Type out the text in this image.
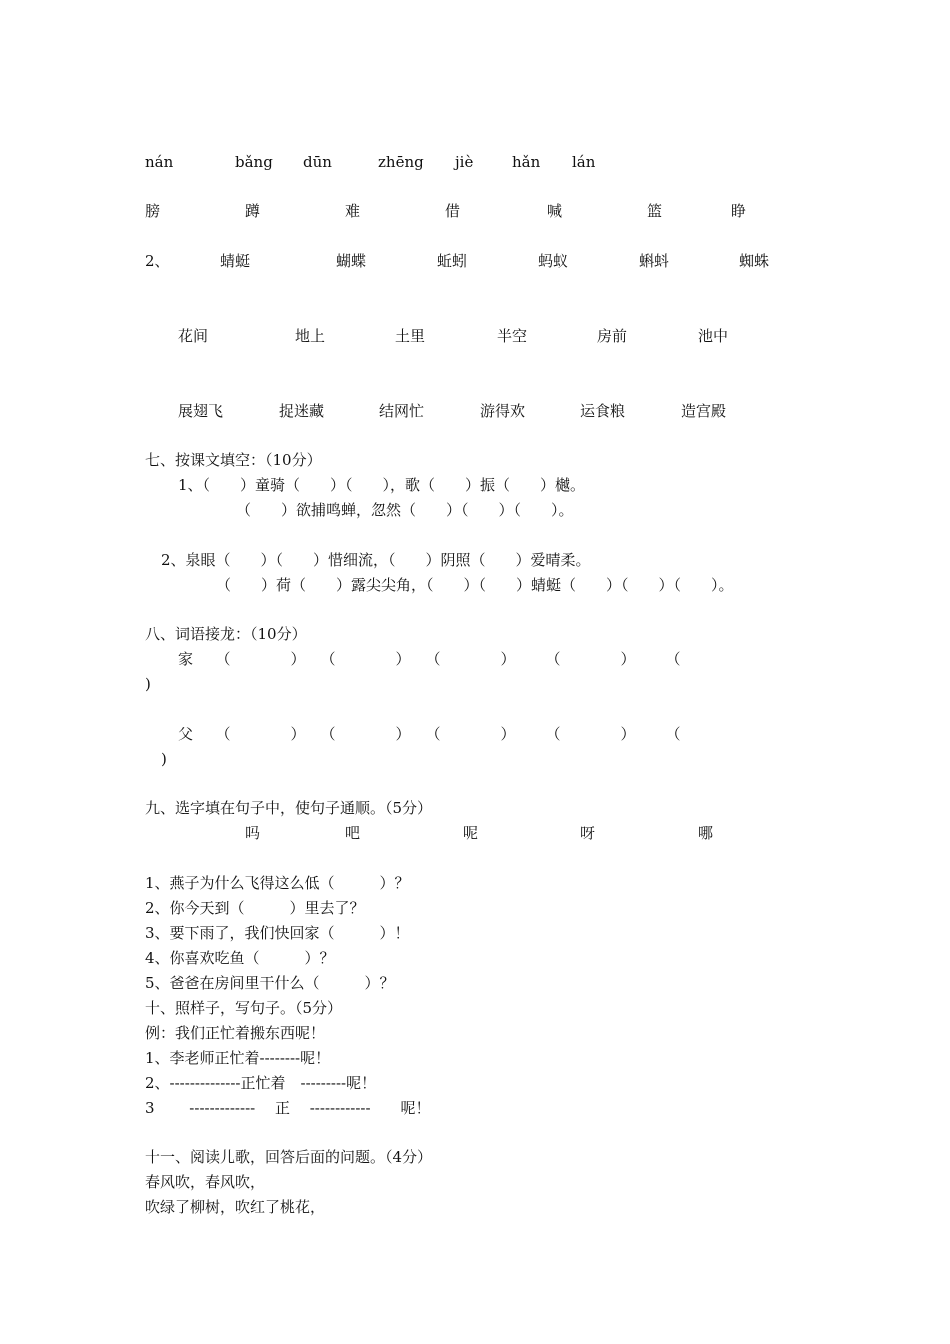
nán	bǎng dūn	zhēng jiè	hǎn lán
膀	蹲	难	借	喊	篮	睁
2、	蜻蜓	蝴蝶	蚯蚓	蚂蚁	蝌蚪	蜘蛛
花间	地上	土里	半空	房前	池中
展翅飞	捉迷藏	结网忙	游得欢	运食粮	造宫殿
七、按课文填空：（10分）
1、（　　）童骑（　　）（　　），歌（　　）振（　　）樾。
（　　）欲捕鸣蝉，忽然（　　）（　　）（　　）。
2、泉眼（　　）（　　）惜细流，（　　）阴照（　　）爱晴柔。
（　　）荷（　　）露尖尖角，（　　）（　　）蜻蜓（　　）（　　）（　　）。
八、词语接龙：（10分）
家　　（　　　　）　　（　　　　）　　（　　　　）　　　（　　　　）　　　（
)
父　　（　　　　）　　（　　　　）　　（　　　　）　　　（　　　　）　　　（
)
九、选字填在句子中，使句子通顺。（5分）
吗	吧	呢	呀	哪
1、燕子为什么飞得这么低（　　　）？
2、你今天到（　　　）里去了？
3、要下雨了，我们快回家（　　　）！
4、你喜欢吃鱼（　　　）？
5、爸爸在房间里干什么（　　　）？
十、照样子，写句子。（5分）
例：我们正忙着搬东西呢！
1、李老师正忙着--------呢！
2、--------------正忙着　---------呢！
3　　 -------------　 正　 ------------　　呢！
十一、阅读儿歌，回答后面的问题。（4分）
春风吹，春风吹，
吹绿了柳树，吹红了桃花，
